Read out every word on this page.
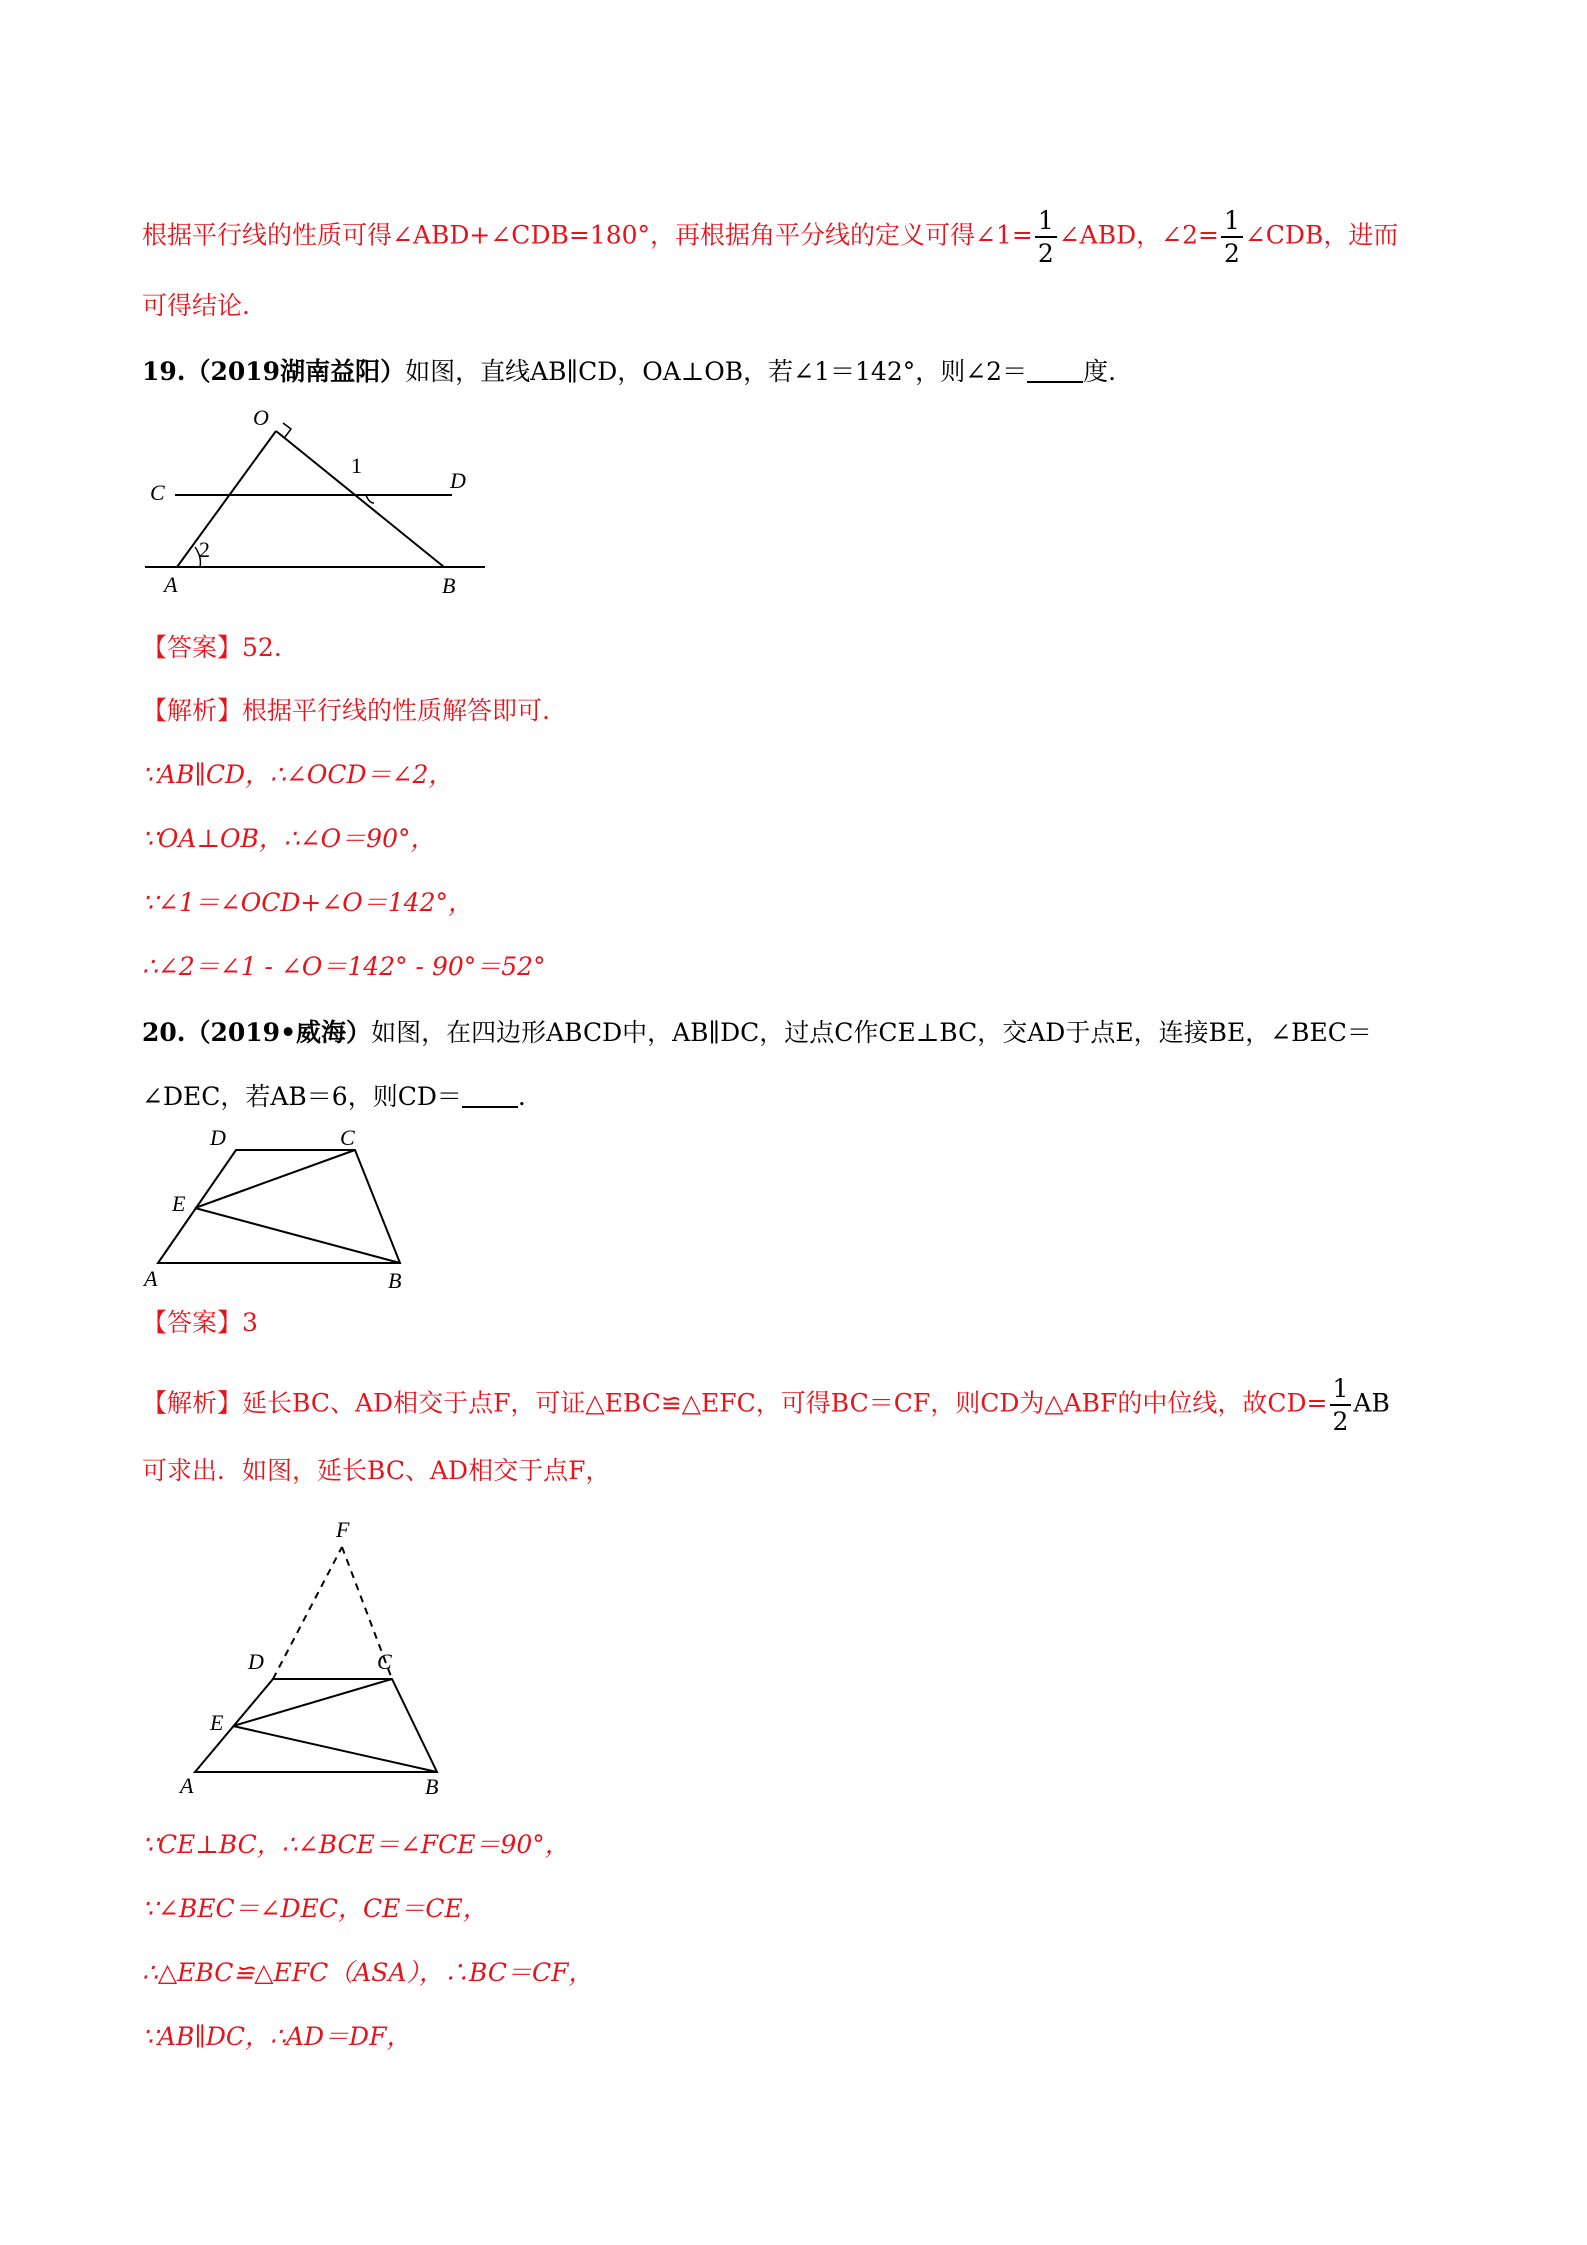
根据平行线的性质可得∠ABD+∠CDB=180°，再根据角平分线的定义可得∠1= $\frac{1}{2}$ ∠ABD，∠2= $\frac{1}{2}$ ∠CDB，进而
可得结论.
19.（2019湖南益阳）如图，直线AB∥CD，OA⊥OB，若∠1＝142°，则∠2＝ 度.
O
C	D
A	B
1
2
【答案】52.
【解析】根据平行线的性质解答即可.
∵AB∥CD，∴∠OCD＝∠2，
∵OA⊥OB，∴∠O＝90°，
∵∠1＝∠OCD+∠O＝142°，
∴∠2＝∠1 - ∠O＝142° - 90°＝52°
20.（2019•威海）如图，在四边形ABCD中，AB∥DC，过点C作CE⊥BC，交AD于点E，连接BE，∠BEC＝
∠DEC，若AB＝6，则CD＝ .
D	C
E
A	B
【答案】3
【解析】延长BC、AD相交于点F，可证△EBC≌△EFC，可得BC＝CF，则CD为△ABF的中位线，故$CD= \frac{1}{2}$ AB
可求出．如图，延长BC、AD相交于点F，
F
D	C
E
A	B
∵CE⊥BC，∴∠BCE＝∠FCE＝90°，
∵∠BEC＝∠DEC，CE＝CE，
∴△EBC≌△EFC（ASA），∴BC＝CF，
∵AB∥DC，∴AD＝DF，
